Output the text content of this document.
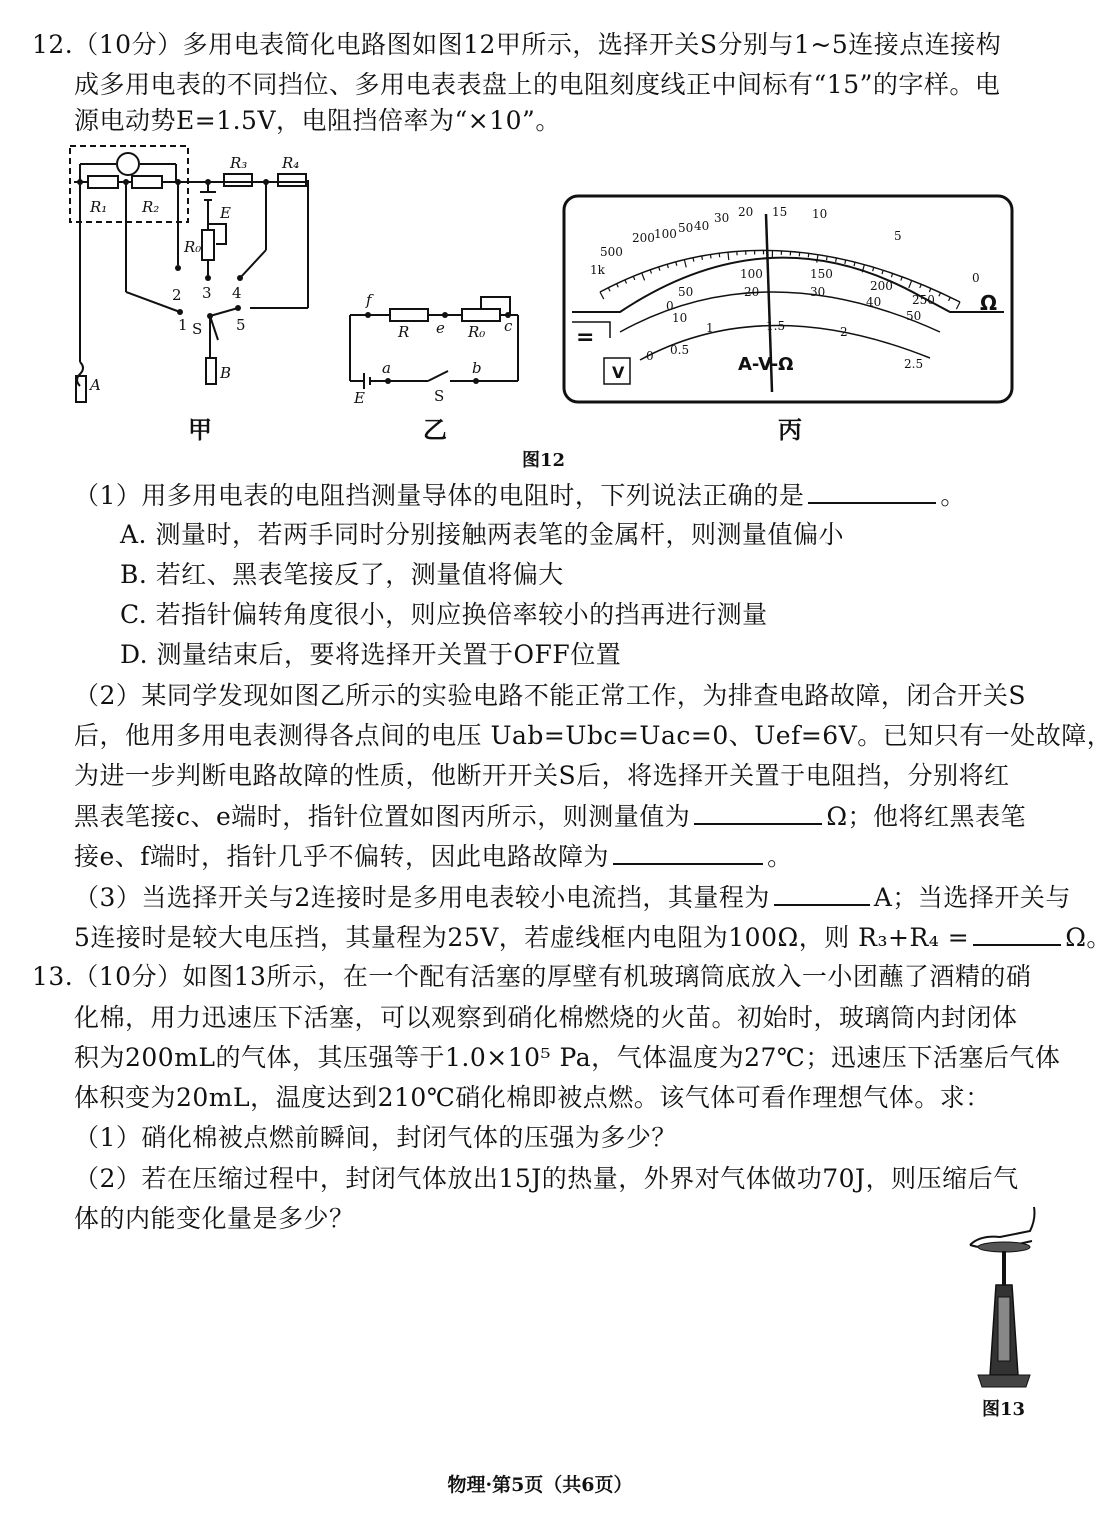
12.（10分）多用电表简化电路图如图12甲所示，选择开关S分别与1~5连接点连接构
成多用电表的不同挡位、多用电表表盘上的电阻刻度线正中间标有“15”的字样。电
源电动势E=1.5V，电阻挡倍率为“×10”。
R₁ R₂
R₃ R₄
E
R₀
A
B
2 3 4
1 S 5
f
R e R₀ c
a	b
E	S
1k
500
200 100 50 40
30 20 15 10
5
0
0
50
100	150
200
250
10
20	30
40
50
0 0.5
1	1.5	2
2.5
Ω
A-V-Ω
=
V
甲	乙	丙
图12
（1）用多用电表的电阻挡测量导体的电阻时，下列说法正确的是	。
A. 测量时，若两手同时分别接触两表笔的金属杆，则测量值偏小
B. 若红、黑表笔接反了，测量值将偏大
C. 若指针偏转角度很小，则应换倍率较小的挡再进行测量
D. 测量结束后，要将选择开关置于OFF位置
（2）某同学发现如图乙所示的实验电路不能正常工作，为排查电路故障，闭合开关S
后，他用多用电表测得各点间的电压 Uab=Ubc=Uac=0、Uef=6V。已知只有一处故障，
为进一步判断电路故障的性质，他断开开关S后，将选择开关置于电阻挡，分别将红
黑表笔接c、e端时，指针位置如图丙所示，则测量值为	Ω；他将红黑表笔
接e、f端时，指针几乎不偏转，因此电路故障为	。
（3）当选择开关与2连接时是多用电表较小电流挡，其量程为	A；当选择开关与
5连接时是较大电压挡，其量程为25V，若虚线框内电阻为100Ω，则 R₃+R₄ =	Ω。
13.（10分）如图13所示，在一个配有活塞的厚壁有机玻璃筒底放入一小团蘸了酒精的硝
化棉，用力迅速压下活塞，可以观察到硝化棉燃烧的火苗。初始时，玻璃筒内封闭体
积为200mL的气体，其压强等于1.0×10⁵ Pa，气体温度为27℃；迅速压下活塞后气体
体积变为20mL，温度达到210℃硝化棉即被点燃。该气体可看作理想气体。求：
（1）硝化棉被点燃前瞬间，封闭气体的压强为多少？
（2）若在压缩过程中，封闭气体放出15J的热量，外界对气体做功70J，则压缩后气
体的内能变化量是多少？
图13
物理·第5页（共6页）
